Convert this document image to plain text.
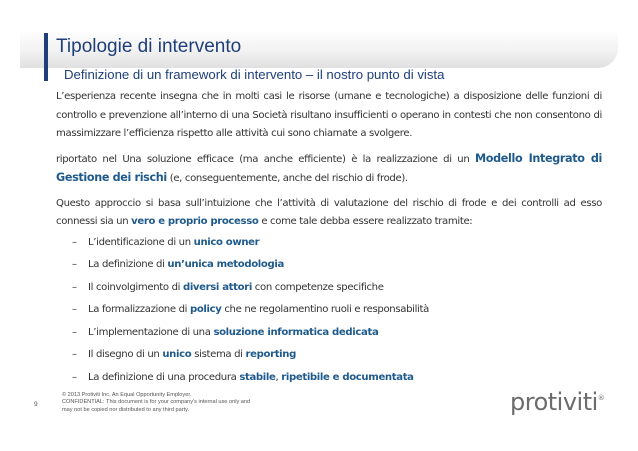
Tipologie di intervento
Definizione di un framework di intervento – il nostro punto di vista

L’esperienza recente insegna che in molti casi le risorse (umane e tecnologiche) a disposizione delle funzioni di controllo e prevenzione all’interno di una Società risultano insufficienti o operano in contesti che non consentono di massimizzare l’efficienza rispetto alle attività cui sono chiamate a svolgere.

riportato nel Una soluzione efficace (ma anche efficiente) è la realizzazione di un Modello Integrato di Gestione dei rischi (e, conseguentemente, anche del rischio di frode).

Questo approccio si basa sull’intuizione che l’attività di valutazione del rischio di frode e dei controlli ad esso connessi sia un vero e proprio processo e come tale debba essere realizzato tramite:

– L’identificazione di un unico owner
– La definizione di un’unica metodologia
– Il coinvolgimento di diversi attori con competenze specifiche
– La formalizzazione di policy che ne regolamentino ruoli e responsabilità
– L’implementazione di una soluzione informatica dedicata
– Il disegno di un unico sistema di reporting
– La definizione di una procedura stabile, ripetibile e documentata
9
© 2013 Protiviti Inc. An Equal Opportunity Employer.
CONFIDENTIAL: This document is for your company's internal use only and
may not be copied nor distributed to any third party.	protiviti®
